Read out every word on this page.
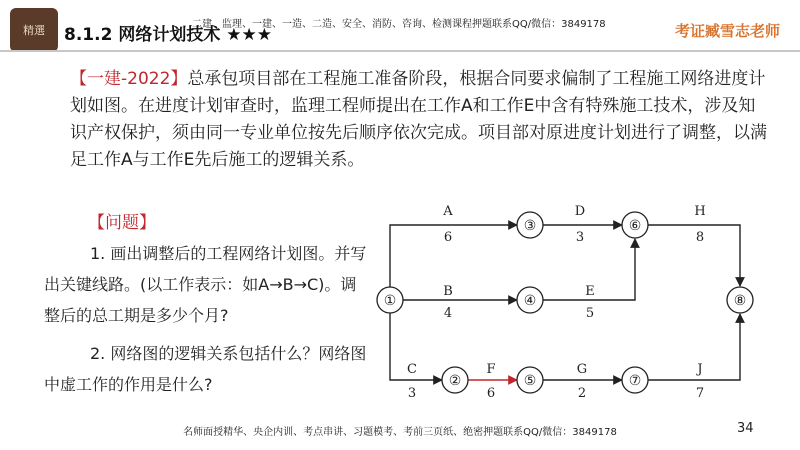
精選 8.1.2 网络计划技术 ★★★
二建、监理、一建、一造、二造、安全、消防、咨询、检测课程押题联系QQ/微信：3849178	考证臧雪志老师
【一建-2022】总承包项目部在工程施工准备阶段，根据合同要求偏制了工程施工网络进度计划如图。在进度计划审查时，监理工程师提出在工作A和工作E中含有特殊施工技术，涉及知识产权保护，须由同一专业单位按先后顺序依次完成。项目部对原进度计划进行了调整，以满足工作A与工作E先后施工的逻辑关系。
【问题】
1. 画出调整后的工程网络计划图。并写出关键线路。(以工作表示：如A→B→C)。调整后的总工期是多少个月?
2. 网络图的逻辑关系包括什么？网络图中虚工作的作用是什么?
A
6
D
3
H
8
B
4
E
5
C
3
F
6
G
2
J
7
①
②
③
④
⑤
⑥
⑦
⑧
名师面授精华、央企内训、考点串讲、习题模考、考前三页纸、绝密押题联系QQ/微信：3849178	34
